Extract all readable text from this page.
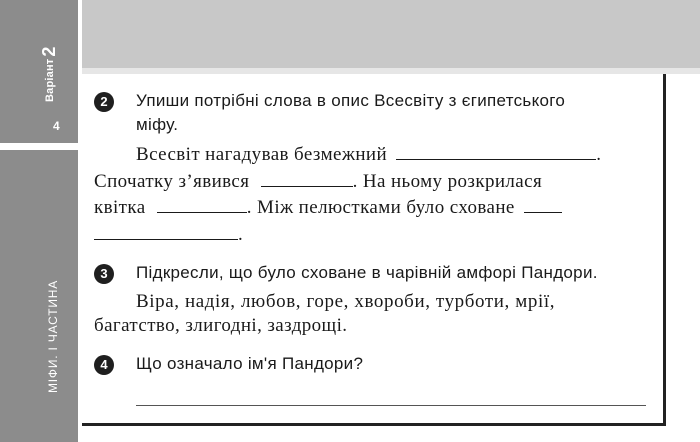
Варіант2
4
МІФИ. І ЧАСТИНА
2	Упиши потрібні слова в опис Всесвіту з єгипетського
міфу.
Всесвіт нагадував безмежний	.
Спочатку з’явився	. На ньому розкрилася
квітка	. Між пелюстками було сховане
.
3	Підкресли, що було сховане в чарівній амфорі Пандори.
Віра, надія, любов, горе, хвороби, турботи, мрії,
багатство, злигодні, заздрощі.
4	Що означало ім'я Пандори?
